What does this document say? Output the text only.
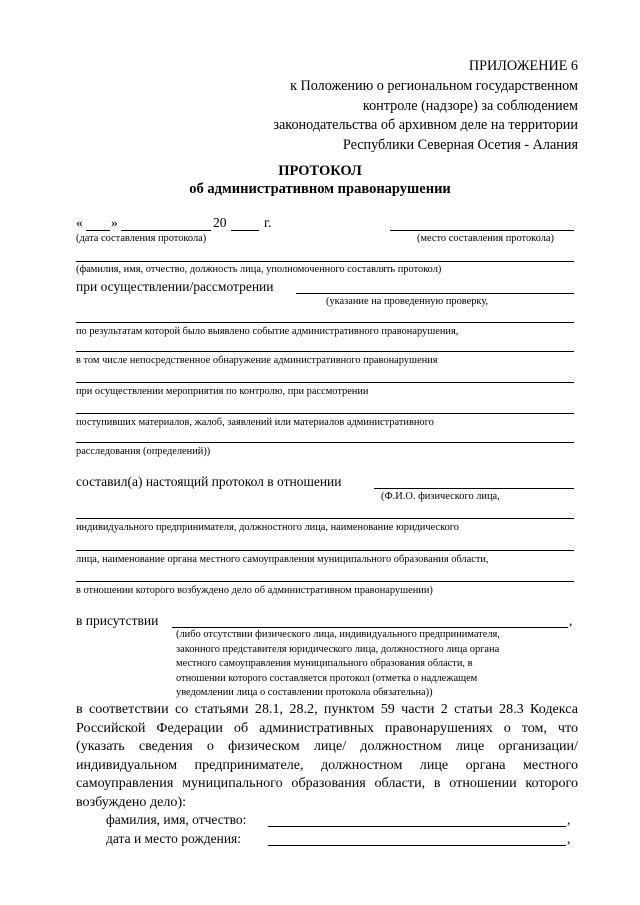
ПРИЛОЖЕНИЕ 6
к Положению о региональном государственном
контроле (надзоре) за соблюдением
законодательства об архивном деле на территории
Республики Северная Осетия - Алания
ПРОТОКОЛ
об административном правонарушении
« »	20	г.
(дата составления протокола)	(место составления протокола)
(фамилия, имя, отчество, должность лица, уполномоченного составлять протокол)
при осуществлении/рассмотрении
(указание на проведенную проверку,
по результатам которой было выявлено событие административного правонарушения,
в том числе непосредственное обнаружение административного правонарушения
при осуществлении мероприятия по контролю, при рассмотрении
поступивших материалов, жалоб, заявлений или материалов административного
расследования (определений))
составил(а) настоящий протокол в отношении
(Ф.И.О. физического лица,
индивидуального предпринимателя, должностного лица, наименование юридического
лица, наименование органа местного самоуправления муниципального образования области,
в отношении которого возбуждено дело об административном правонарушении)
в присутствии	,
(либо отсутствии физического лица, индивидуального предпринимателя,
законного представителя юридического лица, должностного лица органа
местного самоуправления муниципального образования области, в
отношении которого составляется протокол (отметка о надлежащем
уведомлении лица о составлении протокола обязательна))
в соответствии со статьями 28.1, 28.2, пунктом 59 части 2 статьи 28.3 Кодекса Российской Федерации об административных правонарушениях о том, что (указать сведения о физическом лице/ должностном лице организации/ индивидуальном предпринимателе, должностном лице органа местного самоуправления муниципального образования области, в отношении которого возбуждено дело):
фамилия, имя, отчество:	,
дата и место рождения:	,
